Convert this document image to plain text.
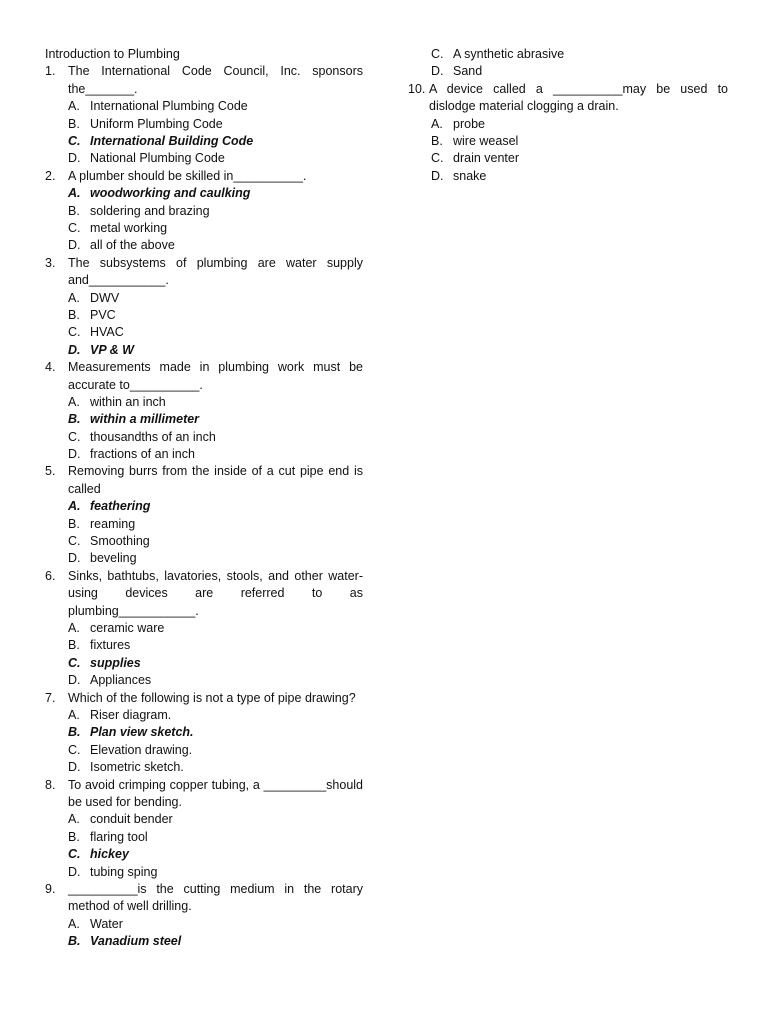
Introduction to Plumbing
1.	The International Code Council, Inc. sponsors the_______.
A. International Plumbing Code
B. Uniform Plumbing Code
C. International Building Code
D. National Plumbing Code
2.	A plumber should be skilled in__________.
A. woodworking and caulking
B. soldering and brazing
C. metal working
D. all of the above
3.	The subsystems of plumbing are water supply and___________.
A. DWV
B. PVC
C. HVAC
D. VP & W
4.	Measurements made in plumbing work must be accurate to__________.
A. within an inch
B. within a millimeter
C. thousandths of an inch
D. fractions of an inch
5.	Removing burrs from the inside of a cut pipe end is called
A. feathering
B. reaming
C. Smoothing
D. beveling
6.	Sinks, bathtubs, lavatories, stools, and other water-using devices are referred to as plumbing___________.
A. ceramic ware
B. fixtures
C. supplies
D. Appliances
7.	Which of the following is not a type of pipe drawing?
A. Riser diagram.
B. Plan view sketch.
C. Elevation drawing.
D. Isometric sketch.
8.	To avoid crimping copper tubing, a _________should be used for bending.
A. conduit bender
B. flaring tool
C. hickey
D. tubing sping
9.	__________is the cutting medium in the rotary method of well drilling.
A. Water
B. Vanadium steel
C. A synthetic abrasive
D. Sand
10. A device called a __________may be used to dislodge material clogging a drain.
A. probe
B. wire weasel
C. drain venter
D. snake
